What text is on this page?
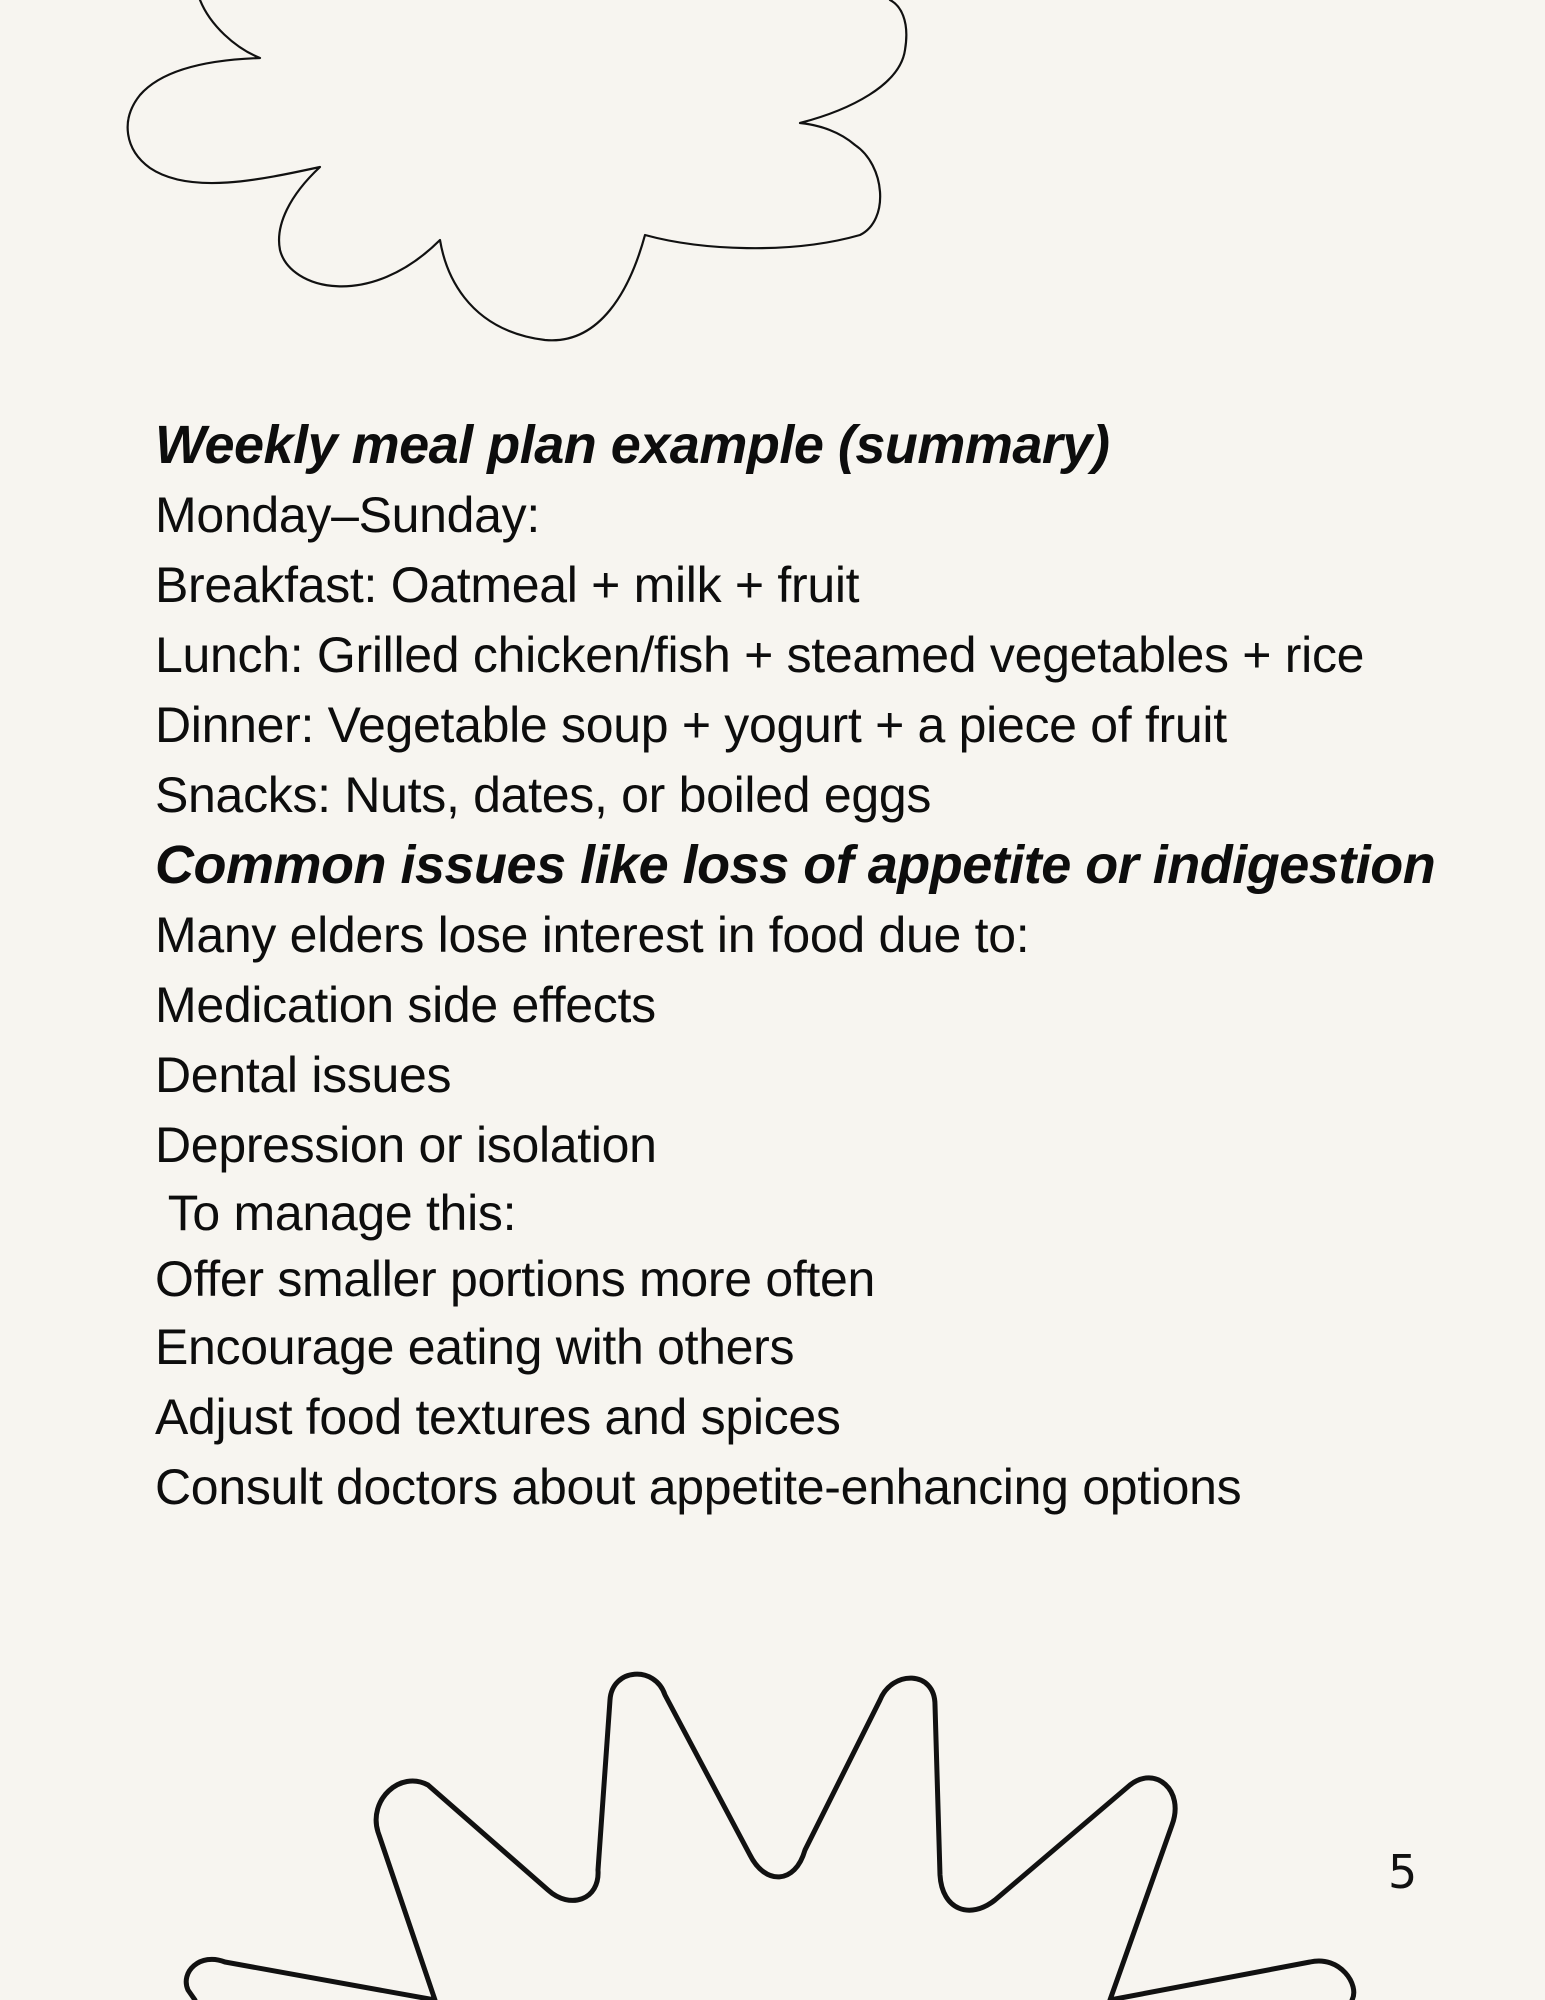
Weekly meal plan example (summary)

Monday–Sunday:

Breakfast: Oatmeal + milk + fruit

Lunch: Grilled chicken/fish + steamed vegetables + rice

Dinner: Vegetable soup + yogurt + a piece of fruit

Snacks: Nuts, dates, or boiled eggs

Common issues like loss of appetite or indigestion

Many elders lose interest in food due to:

Medication side effects

Dental issues

Depression or isolation

To manage this:

Offer smaller portions more often

Encourage eating with others

Adjust food textures and spices

Consult doctors about appetite-enhancing options

5
